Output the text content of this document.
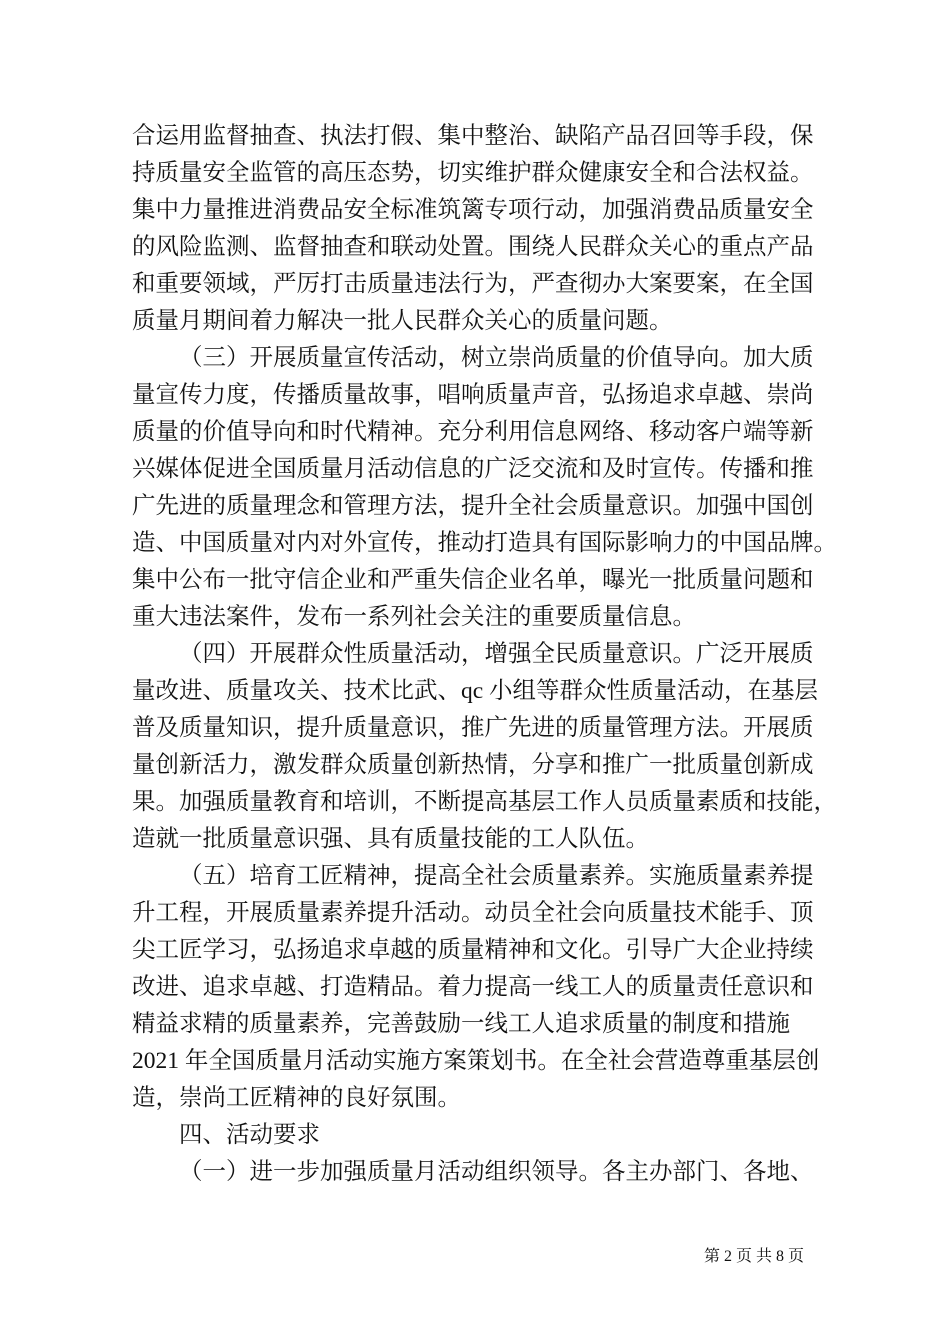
合运用监督抽查、执法打假、集中整治、缺陷产品召回等手段，保
持质量安全监管的高压态势，切实维护群众健康安全和合法权益。
集中力量推进消费品安全标准筑篱专项行动，加强消费品质量安全
的风险监测、监督抽查和联动处置。围绕人民群众关心的重点产品
和重要领域，严厉打击质量违法行为，严查彻办大案要案，在全国
质量月期间着力解决一批人民群众关心的质量问题。
（三）开展质量宣传活动，树立崇尚质量的价值导向。加大质
量宣传力度，传播质量故事，唱响质量声音，弘扬追求卓越、崇尚
质量的价值导向和时代精神。充分利用信息网络、移动客户端等新
兴媒体促进全国质量月活动信息的广泛交流和及时宣传。传播和推
广先进的质量理念和管理方法，提升全社会质量意识。加强中国创
造、中国质量对内对外宣传，推动打造具有国际影响力的中国品牌。
集中公布一批守信企业和严重失信企业名单，曝光一批质量问题和
重大违法案件，发布一系列社会关注的重要质量信息。
（四）开展群众性质量活动，增强全民质量意识。广泛开展质
量改进、质量攻关、技术比武、qc 小组等群众性质量活动，在基层
普及质量知识，提升质量意识，推广先进的质量管理方法。开展质
量创新活力，激发群众质量创新热情，分享和推广一批质量创新成
果。加强质量教育和培训，不断提高基层工作人员质量素质和技能，
造就一批质量意识强、具有质量技能的工人队伍。
（五）培育工匠精神，提高全社会质量素养。实施质量素养提
升工程，开展质量素养提升活动。动员全社会向质量技术能手、顶
尖工匠学习，弘扬追求卓越的质量精神和文化。引导广大企业持续
改进、追求卓越、打造精品。着力提高一线工人的质量责任意识和
精益求精的质量素养，完善鼓励一线工人追求质量的制度和措施
2021 年全国质量月活动实施方案策划书。在全社会营造尊重基层创
造，崇尚工匠精神的良好氛围。
四、活动要求
（一）进一步加强质量月活动组织领导。各主办部门、各地、
第 2 页 共 8 页
